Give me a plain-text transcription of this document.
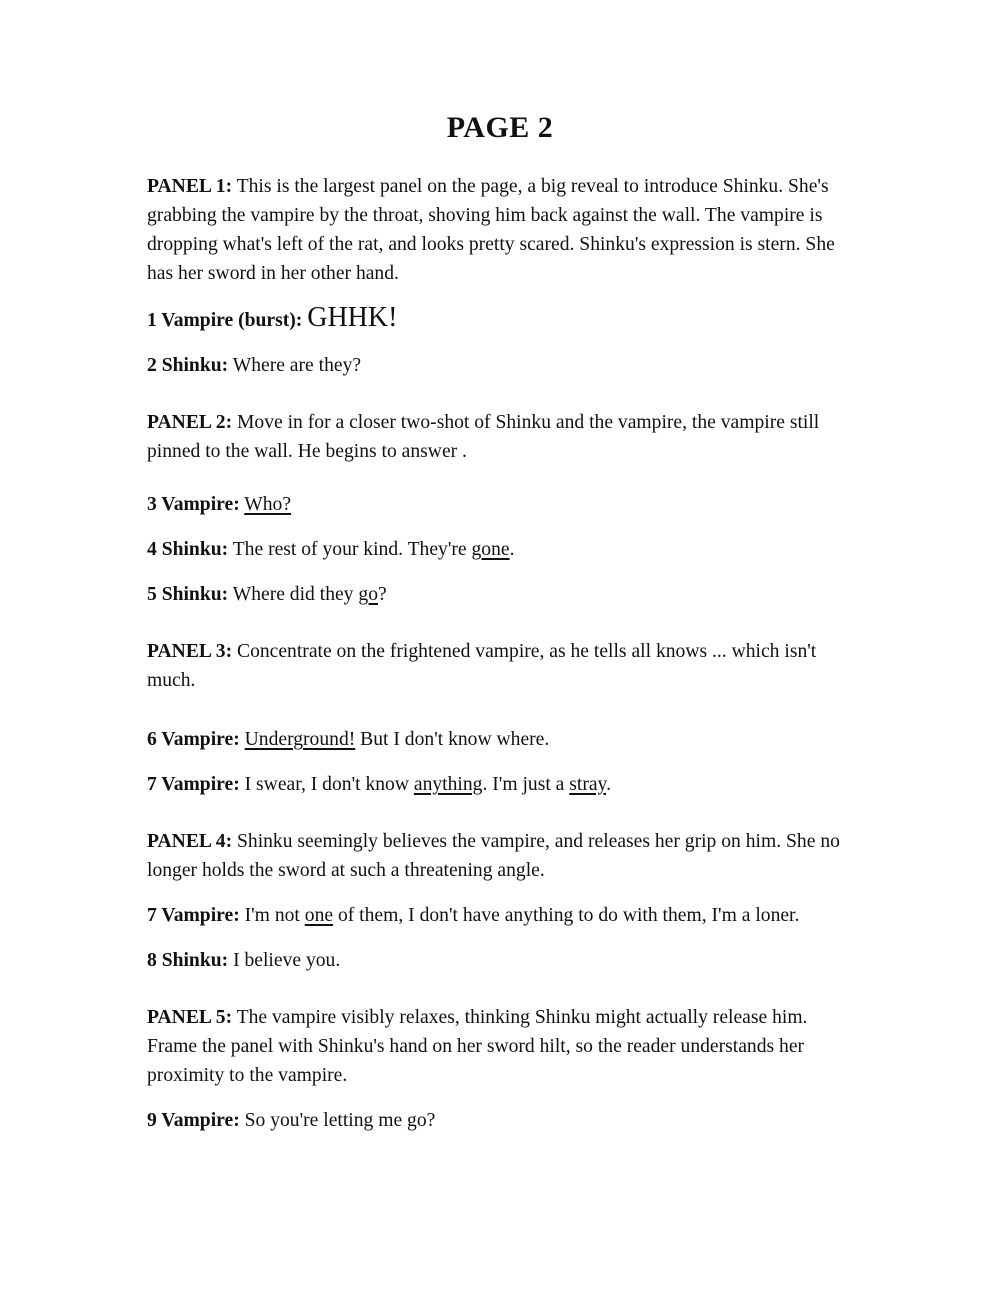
PAGE 2

PANEL 1: This is the largest panel on the page, a big reveal to introduce Shinku. She's grabbing the vampire by the throat, shoving him back against the wall. The vampire is dropping what's left of the rat, and looks pretty scared. Shinku's expression is stern. She has her sword in her other hand.

1 Vampire (burst): GHHK!

2 Shinku: Where are they?

PANEL 2: Move in for a closer two-shot of Shinku and the vampire, the vampire still pinned to the wall. He begins to answer .

3 Vampire: Who?

4 Shinku: The rest of your kind. They're gone.

5 Shinku: Where did they go?

PANEL 3: Concentrate on the frightened vampire, as he tells all knows ... which isn't much.

6 Vampire: Underground! But I don't know where.

7 Vampire: I swear, I don't know anything. I'm just a stray.

PANEL 4: Shinku seemingly believes the vampire, and releases her grip on him. She no longer holds the sword at such a threatening angle.

7 Vampire: I'm not one of them, I don't have anything to do with them, I'm a loner.

8 Shinku: I believe you.

PANEL 5: The vampire visibly relaxes, thinking Shinku might actually release him. Frame the panel with Shinku's hand on her sword hilt, so the reader understands her proximity to the vampire.

9 Vampire: So you're letting me go?
